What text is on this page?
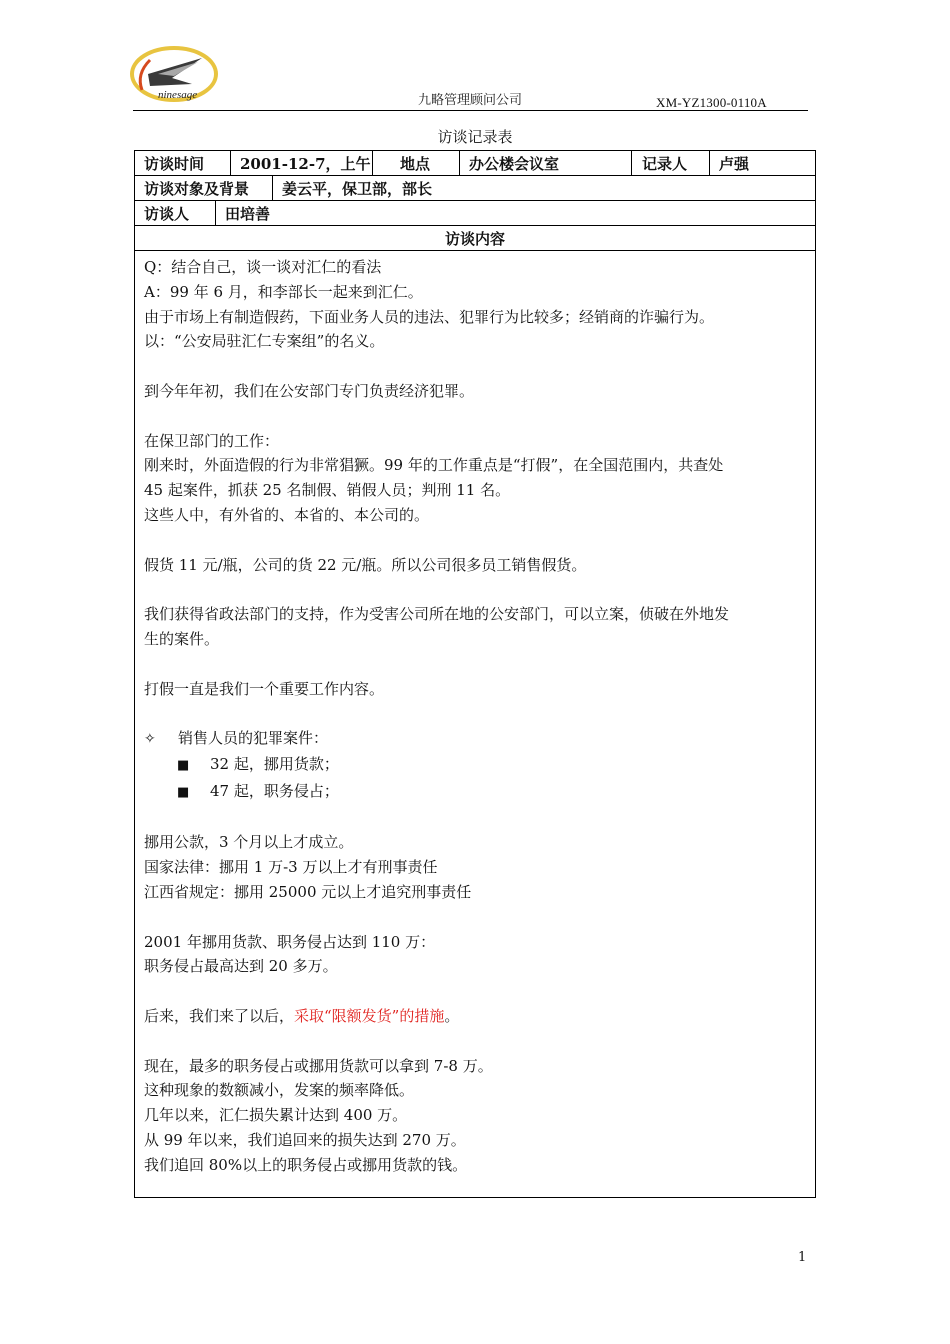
ninesage	九略管理顾问公司	XM-YZ1300-0110A
访谈记录表
访谈时间	2001-12-7，上午	地点	办公楼会议室	记录人	卢强
访谈对象及背景	姜云平，保卫部，部长
访谈人	田培善
访谈内容

Q：结合自己，谈一谈对汇仁的看法

A：99 年 6 月，和李部长一起来到汇仁。

由于市场上有制造假药，下面业务人员的违法、犯罪行为比较多；经销商的诈骗行为。

以：“公安局驻汇仁专案组”的名义。

到今年年初，我们在公安部门专门负责经济犯罪。

在保卫部门的工作：

刚来时，外面造假的行为非常猖獗。99 年的工作重点是“打假”，在全国范围内，共查处

45 起案件，抓获 25 名制假、销假人员；判刑 11 名。

这些人中，有外省的、本省的、本公司的。

假货 11 元/瓶，公司的货 22 元/瓶。所以公司很多员工销售假货。

我们获得省政法部门的支持，作为受害公司所在地的公安部门，可以立案，侦破在外地发

生的案件。

打假一直是我们一个重要工作内容。

✧ 销售人员的犯罪案件：

■ 32 起，挪用货款；

■ 47 起，职务侵占；

挪用公款，3 个月以上才成立。

国家法律：挪用 1 万-3 万以上才有刑事责任

江西省规定：挪用 25000 元以上才追究刑事责任

2001 年挪用货款、职务侵占达到 110 万：

职务侵占最高达到 20 多万。

后来，我们来了以后，采取“限额发货”的措施。

现在，最多的职务侵占或挪用货款可以拿到 7-8 万。

这种现象的数额减小，发案的频率降低。

几年以来，汇仁损失累计达到 400 万。

从 99 年以来，我们追回来的损失达到 270 万。

我们追回 80%以上的职务侵占或挪用货款的钱。

1
